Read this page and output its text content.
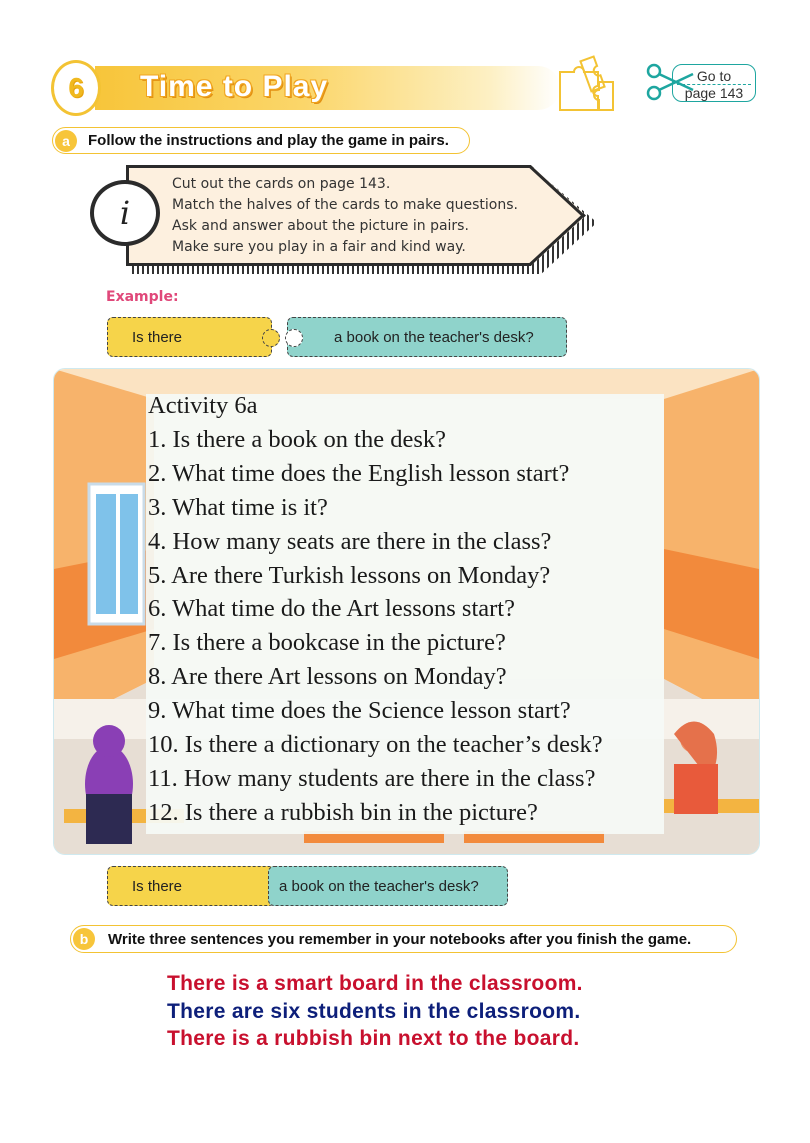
6	Time to Play	Go to
page 143
a	Follow the instructions and play the game in pairs.
i
Cut out the cards on page 143.
Match the halves of the cards to make questions.
Ask and answer about the picture in pairs.
Make sure you play in a fair and kind way.
Example:
Is there	a book on the teacher's desk?
Activity 6a
1. Is there a book on the desk?
2. What time does the English lesson start?
3. What time is it?
4. How many seats are there in the class?
5. Are there Turkish lessons on Monday?
6. What time do the Art lessons start?
7. Is there a bookcase in the picture?
8. Are there Art lessons on Monday?
9. What time does the Science lesson start?
10. Is there a dictionary on the teacher’s desk?
11. How many students are there in the class?
12. Is there a rubbish bin in the picture?
Is there	a book on the teacher's desk?
b	Write three sentences you remember in your notebooks after you finish the game.
There is a smart board in the classroom.
There are six students in the classroom.
There is a rubbish bin next to the board.
